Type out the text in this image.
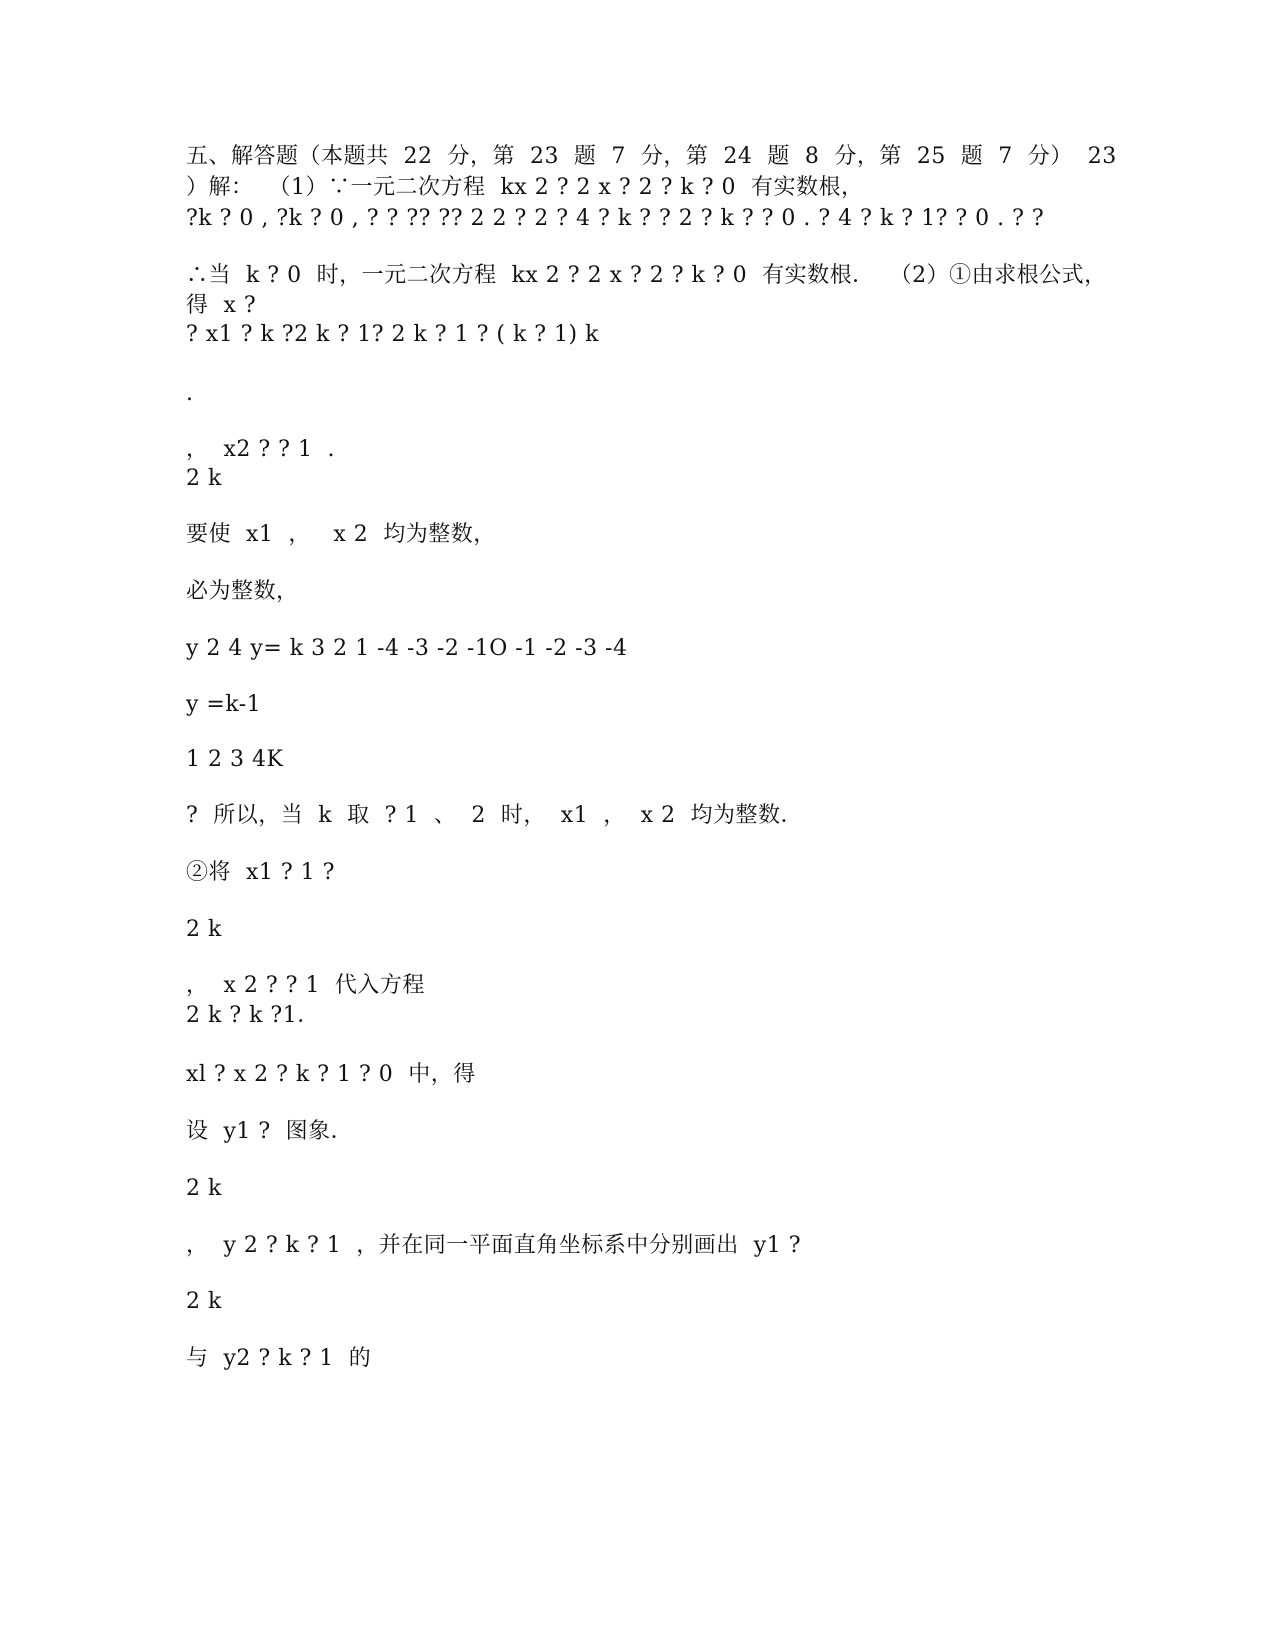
五、解答题（本题共  22  分，第  23  题  7  分，第  24  题  8  分，第  25  题  7  分）  23
）解：  （1）∵一元二次方程  kx 2 ? 2 x ? 2 ? k ? 0  有实数根，
?k ? 0 , ?k ? 0 , ? ? ?? ?? 2 2 ? 2 ? 4 ? k ? ? 2 ? k ? ? 0 . ? 4 ? k ? 1? ? 0 . ? ?
∴当  k ? 0  时，一元二次方程  kx 2 ? 2 x ? 2 ? k ? 0  有实数根．  （2）①由求根公式，
得  x ?
? x1 ? k ?2 k ? 1? 2 k ? 1 ? ( k ? 1) k
.
，  x2 ? ? 1  .
2 k
要使  x1  ，   x 2  均为整数，
必为整数，
y 2 4 y= k 3 2 1 -4 -3 -2 -1O -1 -2 -3 -4
y =k-1
1 2 3 4K
?  所以，当  k  取  ? 1  、  2  时，  x1  ，  x 2  均为整数．
②将  x1 ? 1 ?
2 k
，  x 2 ? ? 1  代入方程
2 k ? k ?1．
xl ? x 2 ? k ? 1 ? 0  中，得
设  y1 ?  图象．
2 k
，  y 2 ? k ? 1  ，并在同一平面直角坐标系中分别画出  y1 ?
2 k
与  y2 ? k ? 1  的
